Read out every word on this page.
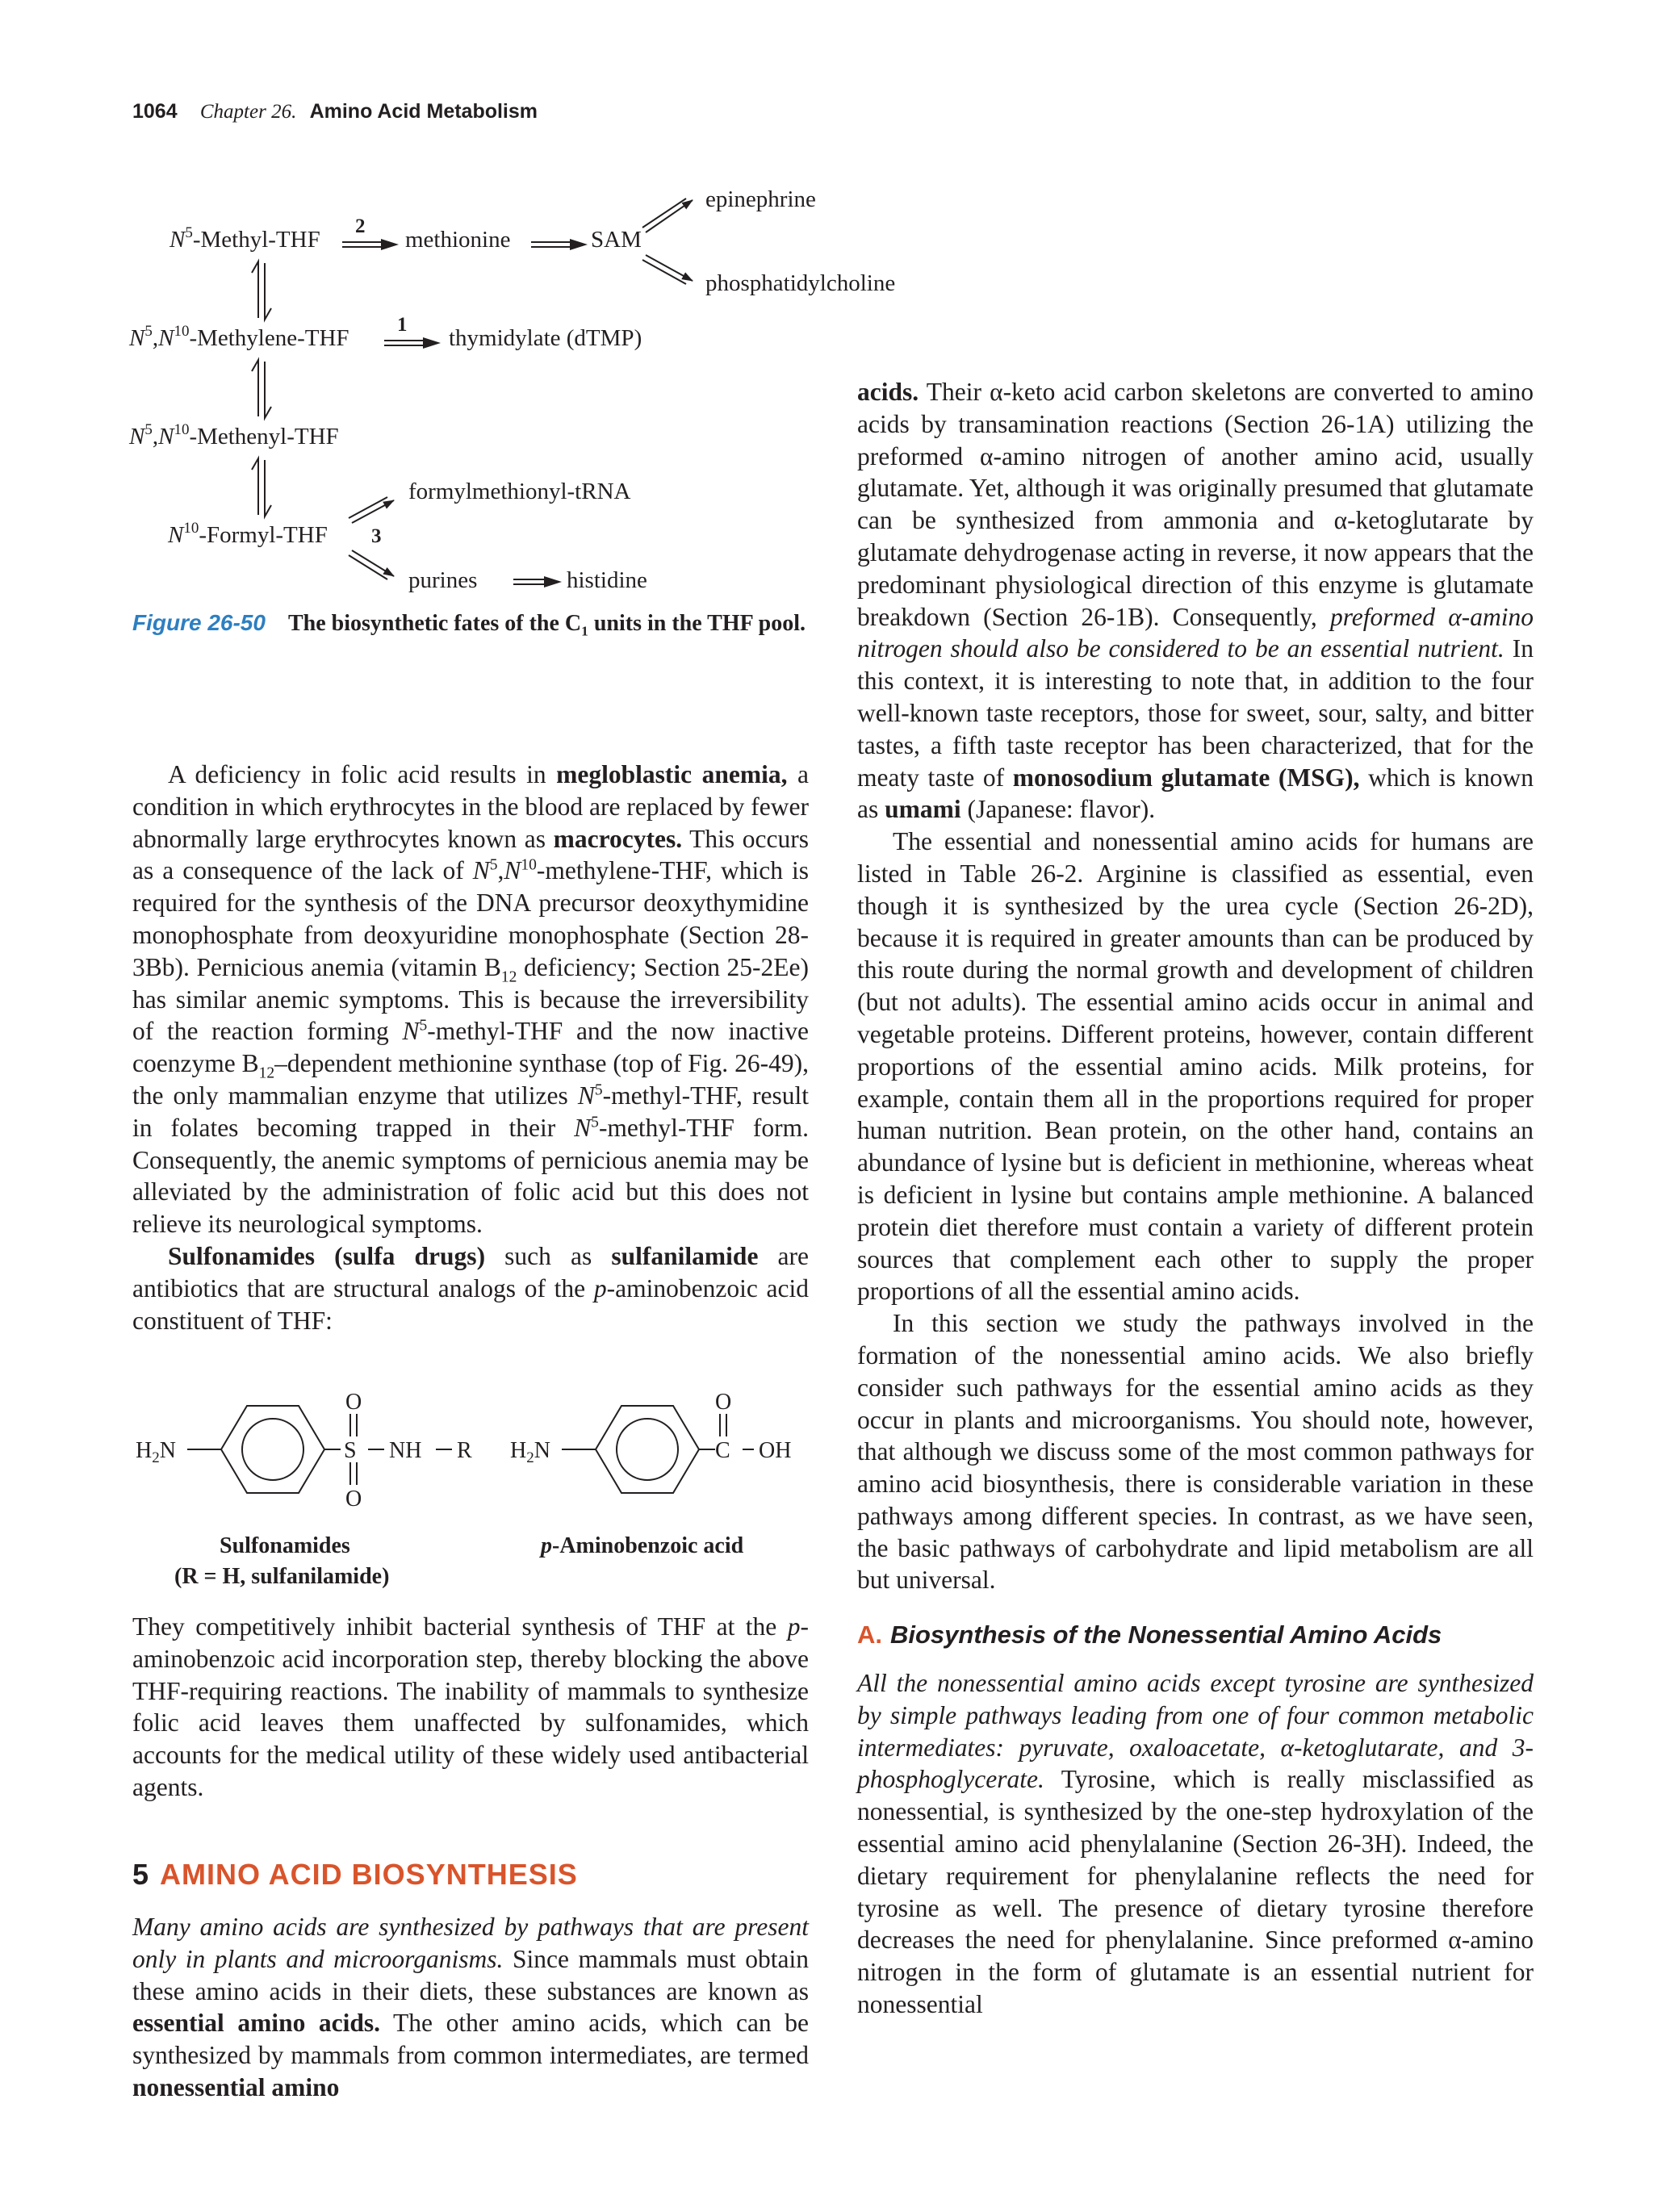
1064 Chapter 26. Amino Acid Metabolism
$N^5-Methyl$-THF
2
methionine	SAM
epinephrine
phosphatidylcholine
$N^5,N^{10}-Methylene$-THF
1
thymidylate (dTMP)
$N^5,N^{10}-Methenyl$-THF
$N^{10}-Formyl$-THF 3
formylmethionyl-tRNA
purines	histidine
Figure 26-50 The biosynthetic fates of the $C_1$ units in the THF pool.

A deficiency in folic acid results in megloblastic anemia, a condition in which erythrocytes in the blood are replaced by fewer abnormally large erythrocytes known as macrocytes. This occurs as a consequence of the lack of $N^5,N^{10}-methylene$-THF, which is required for the synthesis of the DNA precursor deoxythymidine monophosphate from deoxyuridine monophosphate (Section 28-3Bb). Pernicious anemia (vitamin $B_{12}$ deficiency; Section 25-2Ee) has similar anemic symptoms. This is because the irreversibility of the reaction forming $N^5-methyl$-THF and the now inactive coenzyme $B_{12}$–dependent methionine synthase (top of Fig. 26-49), the only mammalian enzyme that utilizes $N^5-methyl$-THF, result in folates becoming trapped in their $N^5-methyl$-THF form. Consequently, the anemic symptoms of pernicious anemia may be alleviated by the administration of folic acid but this does not relieve its neurological symptoms.

Sulfonamides (sulfa drugs) such as sulfanilamide are antibiotics that are structural analogs of the p-aminobenzoic acid constituent of THF:

$H_2N$	S
O
O
NH R $H_2N$	C
O
OH
Sulfonamides
(R = H, sulfanilamide)
p-Aminobenzoic acid

They competitively inhibit bacterial synthesis of THF at the p-aminobenzoic acid incorporation step, thereby blocking the above THF-requiring reactions. The inability of mammals to synthesize folic acid leaves them unaffected by sulfonamides, which accounts for the medical utility of these widely used antibacterial agents.

5 AMINO ACID BIOSYNTHESIS

Many amino acids are synthesized by pathways that are present only in plants and microorganisms. Since mammals must obtain these amino acids in their diets, these substances are known as essential amino acids. The other amino acids, which can be synthesized by mammals from common intermediates, are termed nonessential amino

acids. Their α-keto acid carbon skeletons are converted to amino acids by transamination reactions (Section 26-1A) utilizing the preformed α-amino nitrogen of another amino acid, usually glutamate. Yet, although it was originally presumed that glutamate can be synthesized from ammonia and α-ketoglutarate by glutamate dehydrogenase acting in reverse, it now appears that the predominant physiological direction of this enzyme is glutamate breakdown (Section 26-1B). Consequently, preformed α-amino nitrogen should also be considered to be an essential nutrient. In this context, it is interesting to note that, in addition to the four well-known taste receptors, those for sweet, sour, salty, and bitter tastes, a fifth taste receptor has been characterized, that for the meaty taste of monosodium glutamate (MSG), which is known as umami (Japanese: flavor).

The essential and nonessential amino acids for humans are listed in Table 26-2. Arginine is classified as essential, even though it is synthesized by the urea cycle (Section 26-2D), because it is required in greater amounts than can be produced by this route during the normal growth and development of children (but not adults). The essential amino acids occur in animal and vegetable proteins. Different proteins, however, contain different proportions of the essential amino acids. Milk proteins, for example, contain them all in the proportions required for proper human nutrition. Bean protein, on the other hand, contains an abundance of lysine but is deficient in methionine, whereas wheat is deficient in lysine but contains ample methionine. A balanced protein diet therefore must contain a variety of different protein sources that complement each other to supply the proper proportions of all the essential amino acids.

In this section we study the pathways involved in the formation of the nonessential amino acids. We also briefly consider such pathways for the essential amino acids as they occur in plants and microorganisms. You should note, however, that although we discuss some of the most common pathways for amino acid biosynthesis, there is considerable variation in these pathways among different species. In contrast, as we have seen, the basic pathways of carbohydrate and lipid metabolism are all but universal.

A. Biosynthesis of the Nonessential Amino Acids

All the nonessential amino acids except tyrosine are synthesized by simple pathways leading from one of four common metabolic intermediates: pyruvate, oxaloacetate, α-ketoglutarate, and 3-phosphoglycerate. Tyrosine, which is really misclassified as nonessential, is synthesized by the one-step hydroxylation of the essential amino acid phenylalanine (Section 26-3H). Indeed, the dietary requirement for phenylalanine reflects the need for tyrosine as well. The presence of dietary tyrosine therefore decreases the need for phenylalanine. Since preformed α-amino nitrogen in the form of glutamate is an essential nutrient for nonessential
